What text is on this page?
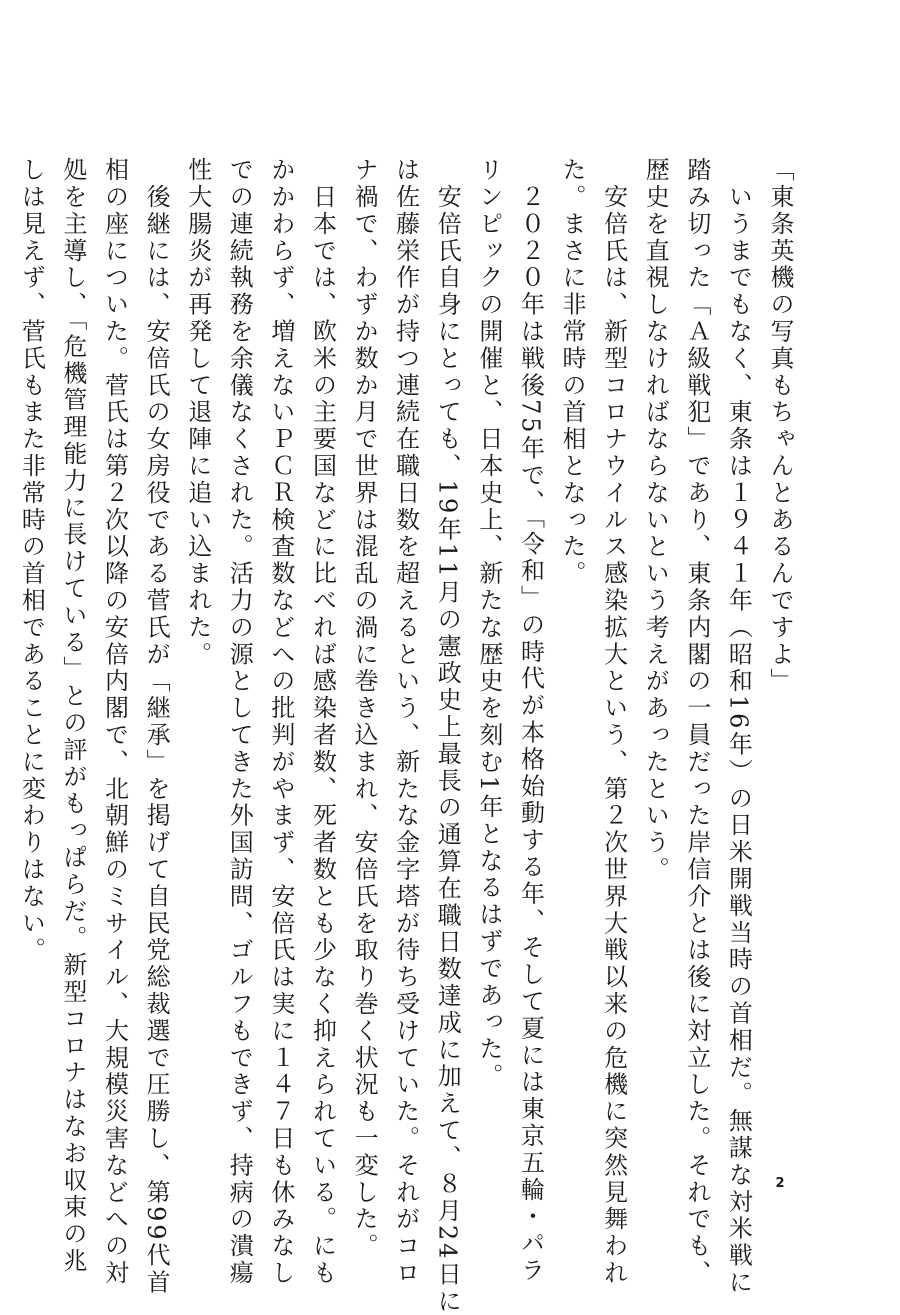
「東条英機の写真もちゃんとあるんですよ」
　いうまでもなく、東条は１９４１年（昭和16年）の日米開戦当時の首相だ。無謀な対米戦に
踏み切った「Ａ級戦犯」であり、東条内閣の一員だった岸信介とは後に対立した。それでも、
歴史を直視しなければならないという考えがあったという。
　安倍氏は、新型コロナウイルス感染拡大という、第２次世界大戦以来の危機に突然見舞われ
た。まさに非常時の首相となった。
　２０２０年は戦後75年で、「令和」の時代が本格始動する年、そして夏には東京五輪・パラ
リンピックの開催と、日本史上、新たな歴史を刻む1年となるはずであった。
　安倍氏自身にとっても、19年11月の憲政史上最長の通算在職日数達成に加えて、８月24日に
は佐藤栄作が持つ連続在職日数を超えるという、新たな金字塔が待ち受けていた。それがコロ
ナ禍で、わずか数か月で世界は混乱の渦に巻き込まれ、安倍氏を取り巻く状況も一変した。
　日本では、欧米の主要国などに比べれば感染者数、死者数とも少なく抑えられている。にも
かかわらず、増えないＰＣＲ検査数などへの批判がやまず、安倍氏は実に１４７日も休みなし
での連続執務を余儀なくされた。活力の源としてきた外国訪問、ゴルフもできず、持病の潰瘍
性大腸炎が再発して退陣に追い込まれた。
　後継には、安倍氏の女房役である菅氏が「継承」を掲げて自民党総裁選で圧勝し、第99代首
相の座についた。菅氏は第２次以降の安倍内閣で、北朝鮮のミサイル、大規模災害などへの対
処を主導し、「危機管理能力に長けている」との評がもっぱらだ。新型コロナはなお収束の兆
しは見えず、菅氏もまた非常時の首相であることに変わりはない。
2
